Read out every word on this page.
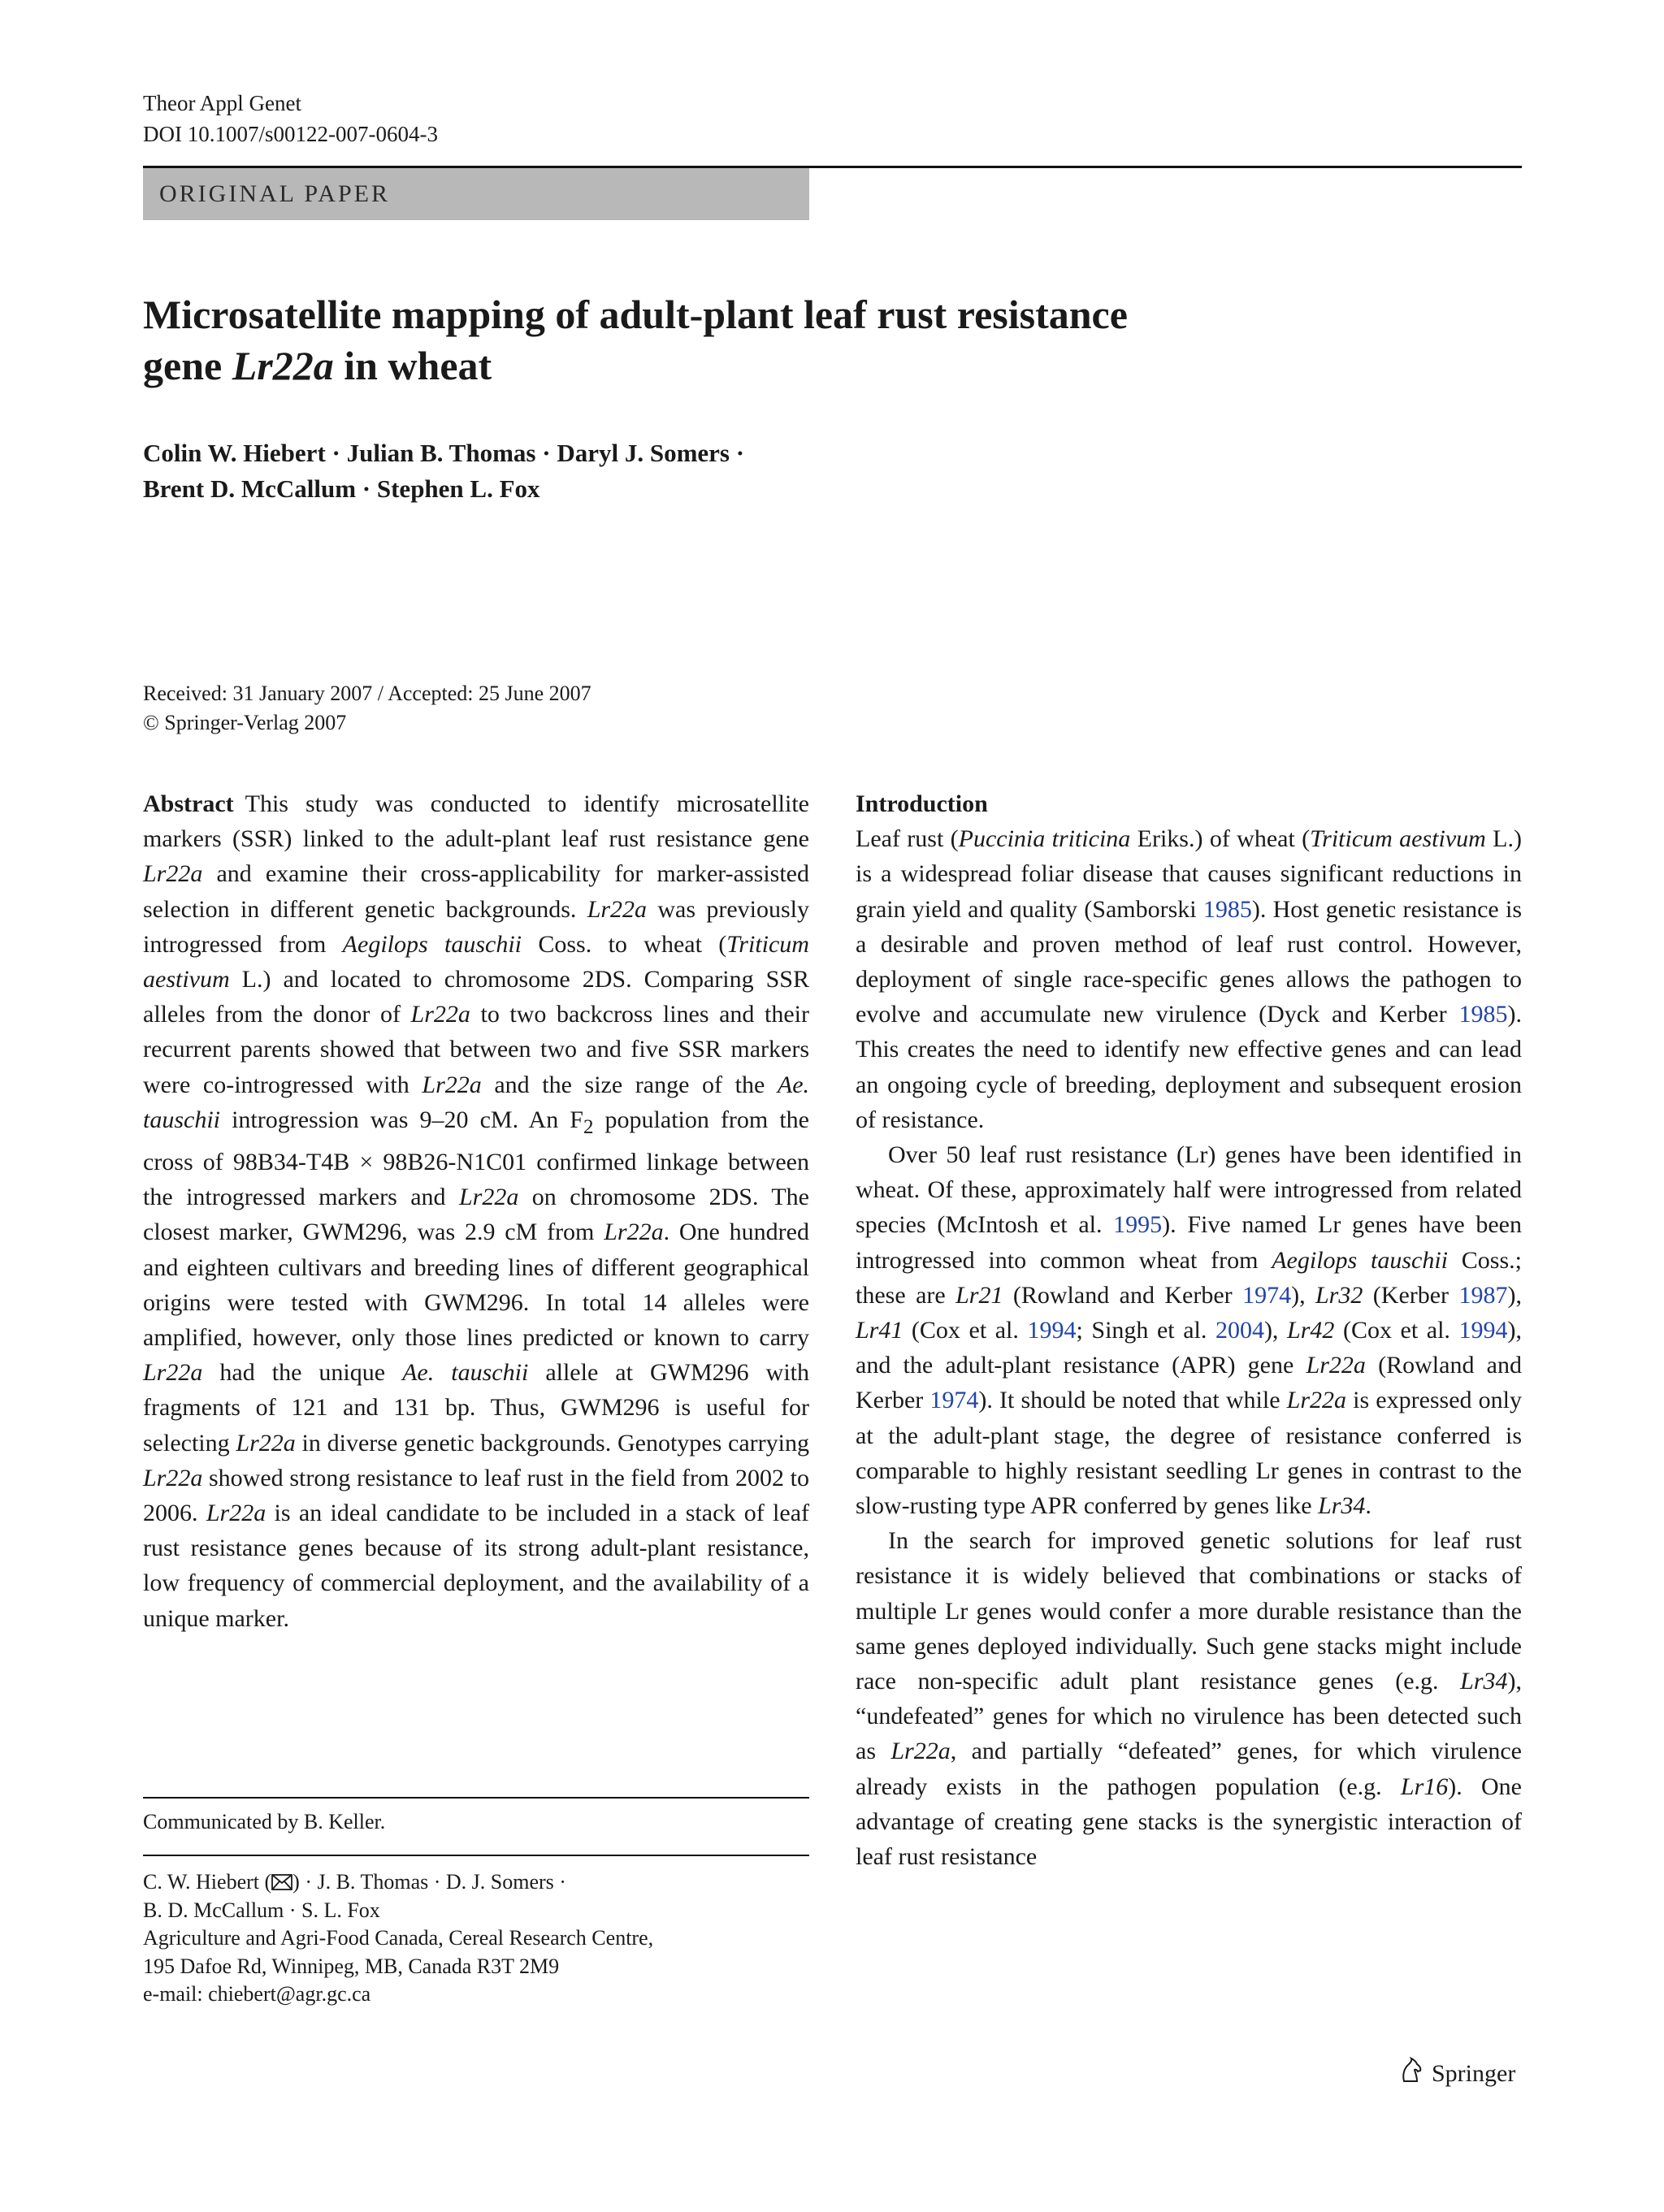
Theor Appl Genet
DOI 10.1007/s00122-007-0604-3
ORIGINAL PAPER
Microsatellite mapping of adult-plant leaf rust resistance
gene Lr22a in wheat
Colin W. Hiebert · Julian B. Thomas · Daryl J. Somers ·
Brent D. McCallum · Stephen L. Fox
Received: 31 January 2007 / Accepted: 25 June 2007
© Springer-Verlag 2007

Abstract This study was conducted to identify microsatellite markers (SSR) linked to the adult-plant leaf rust resistance gene Lr22a and examine their cross-applicability for marker-assisted selection in different genetic backgrounds. Lr22a was previously introgressed from Aegilops tauschii Coss. to wheat (Triticum aestivum L.) and located to chromosome 2DS. Comparing SSR alleles from the donor of Lr22a to two backcross lines and their recurrent parents showed that between two and five SSR markers were co-introgressed with Lr22a and the size range of the Ae. tauschii introgression was 9–20 cM. An $F_2$ population from the cross of 98B34-T4B × 98B26-N1C01 confirmed linkage between the introgressed markers and Lr22a on chromosome 2DS. The closest marker, GWM296, was 2.9 cM from Lr22a. One hundred and eighteen cultivars and breeding lines of different geographical origins were tested with GWM296. In total 14 alleles were amplified, however, only those lines predicted or known to carry Lr22a had the unique Ae. tauschii allele at GWM296 with fragments of 121 and 131 bp. Thus, GWM296 is useful for selecting Lr22a in diverse genetic backgrounds. Genotypes carrying Lr22a showed strong resistance to leaf rust in the field from 2002 to 2006. Lr22a is an ideal candidate to be included in a stack of leaf rust resistance genes because of its strong adult-plant resistance, low frequency of commercial deployment, and the availability of a unique marker.

Communicated by B. Keller.
C. W. Hiebert ( ) · J. B. Thomas · D. J. Somers ·
B. D. McCallum · S. L. Fox
Agriculture and Agri-Food Canada, Cereal Research Centre,
195 Dafoe Rd, Winnipeg, MB, Canada R3T 2M9
e-mail: chiebert@agr.gc.ca

Introduction

Leaf rust (Puccinia triticina Eriks.) of wheat (Triticum aestivum L.) is a widespread foliar disease that causes significant reductions in grain yield and quality (Samborski 1985). Host genetic resistance is a desirable and proven method of leaf rust control. However, deployment of single race-specific genes allows the pathogen to evolve and accumulate new virulence (Dyck and Kerber 1985). This creates the need to identify new effective genes and can lead an ongoing cycle of breeding, deployment and subsequent erosion of resistance.

Over 50 leaf rust resistance (Lr) genes have been identified in wheat. Of these, approximately half were introgressed from related species (McIntosh et al. 1995). Five named Lr genes have been introgressed into common wheat from Aegilops tauschii Coss.; these are Lr21 (Rowland and Kerber 1974), Lr32 (Kerber 1987), Lr41 (Cox et al. 1994; Singh et al. 2004), Lr42 (Cox et al. 1994), and the adult-plant resistance (APR) gene Lr22a (Rowland and Kerber 1974). It should be noted that while Lr22a is expressed only at the adult-plant stage, the degree of resistance conferred is comparable to highly resistant seedling Lr genes in contrast to the slow-rusting type APR conferred by genes like Lr34.

In the search for improved genetic solutions for leaf rust resistance it is widely believed that combinations or stacks of multiple Lr genes would confer a more durable resistance than the same genes deployed individually. Such gene stacks might include race non-specific adult plant resistance genes (e.g. Lr34), “undefeated” genes for which no virulence has been detected such as Lr22a, and partially “defeated” genes, for which virulence already exists in the pathogen population (e.g. Lr16). One advantage of creating gene stacks is the synergistic interaction of leaf rust resistance

Springer
